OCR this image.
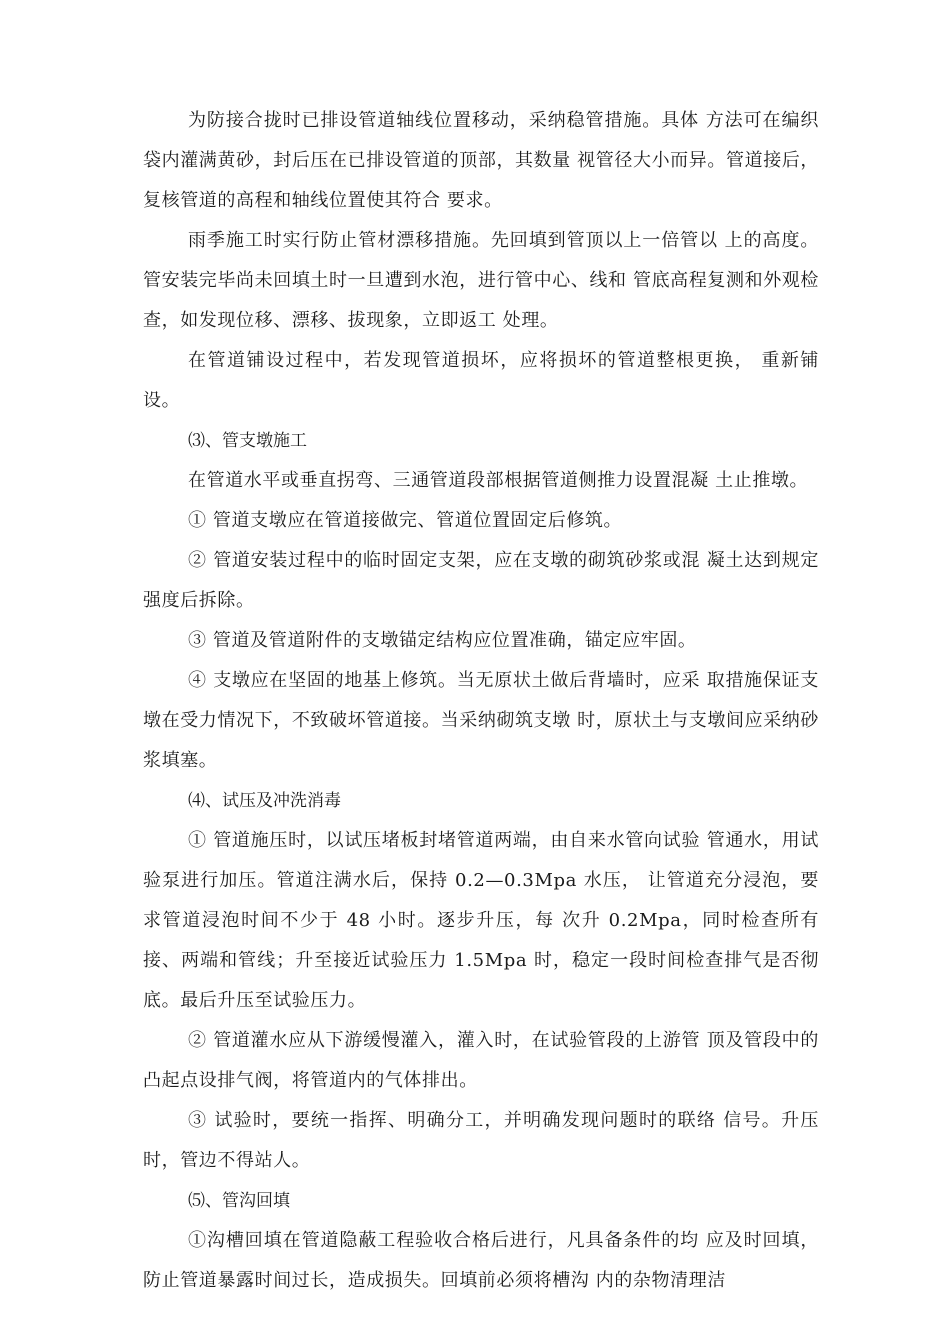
为防接合拢时已排设管道轴线位置移动，采纳稳管措施。具体 方法可在编织袋内灌满黄砂，封后压在已排设管道的顶部，其数量 视管径大小而异。管道接后，复核管道的高程和轴线位置使其符合 要求。

雨季施工时实行防止管材漂移措施。先回填到管顶以上一倍管以 上的高度。管安装完毕尚未回填土时一旦遭到水泡，进行管中心、线和 管底高程复测和外观检查，如发现位移、漂移、拔现象，立即返工 处理。

在管道铺设过程中，若发现管道损坏，应将损坏的管道整根更换， 重新铺设。

⑶、管支墩施工

在管道水平或垂直拐弯、三通管道段部根据管道侧推力设置混凝 土止推墩。

① 管道支墩应在管道接做完、管道位置固定后修筑。

② 管道安装过程中的临时固定支架，应在支墩的砌筑砂浆或混 凝土达到规定强度后拆除。

③ 管道及管道附件的支墩锚定结构应位置准确，锚定应牢固。

④ 支墩应在坚固的地基上修筑。当无原状土做后背墙时，应采 取措施保证支墩在受力情况下，不致破坏管道接。当采纳砌筑支墩 时，原状土与支墩间应采纳砂浆填塞。

⑷、试压及冲洗消毒

① 管道施压时，以试压堵板封堵管道两端，由自来水管向试验 管通水，用试验泵进行加压。管道注满水后，保持 0.2—0.3Mpa 水压， 让管道充分浸泡，要求管道浸泡时间不少于 48 小时。逐步升压，每 次升 0.2Mpa，同时检查所有接、两端和管线；升至接近试验压力 1.5Mpa 时，稳定一段时间检查排气是否彻底。最后升压至试验压力。

② 管道灌水应从下游缓慢灌入，灌入时，在试验管段的上游管 顶及管段中的凸起点设排气阀，将管道内的气体排出。

③ 试验时，要统一指挥、明确分工，并明确发现问题时的联络 信号。升压时，管边不得站人。

⑸、管沟回填

①沟槽回填在管道隐蔽工程验收合格后进行，凡具备条件的均 应及时回填，防止管道暴露时间过长，造成损失。回填前必须将槽沟 内的杂物清理洁
